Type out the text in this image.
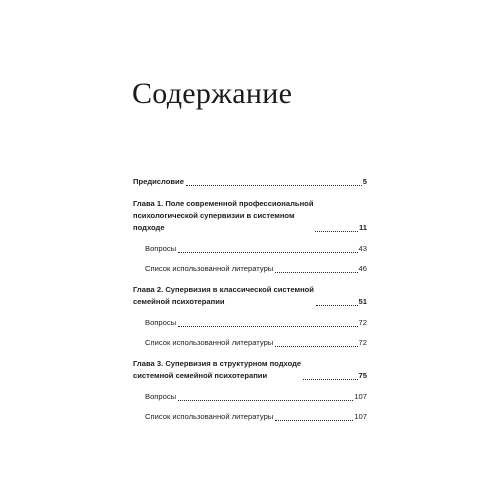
Содержание
Предисловие	5
Глава 1. Поле современной профессиональной
психологической супервизии в системном
подходе	11
Вопросы	43
Список использованной литературы	46
Глава 2. Супервизия в классической системной
семейной психотерапии	51
Вопросы	72
Список использованной литературы	72
Глава 3. Супервизия в структурном подходе
системной семейной психотерапии	75
Вопросы	107
Список использованной литературы	107
